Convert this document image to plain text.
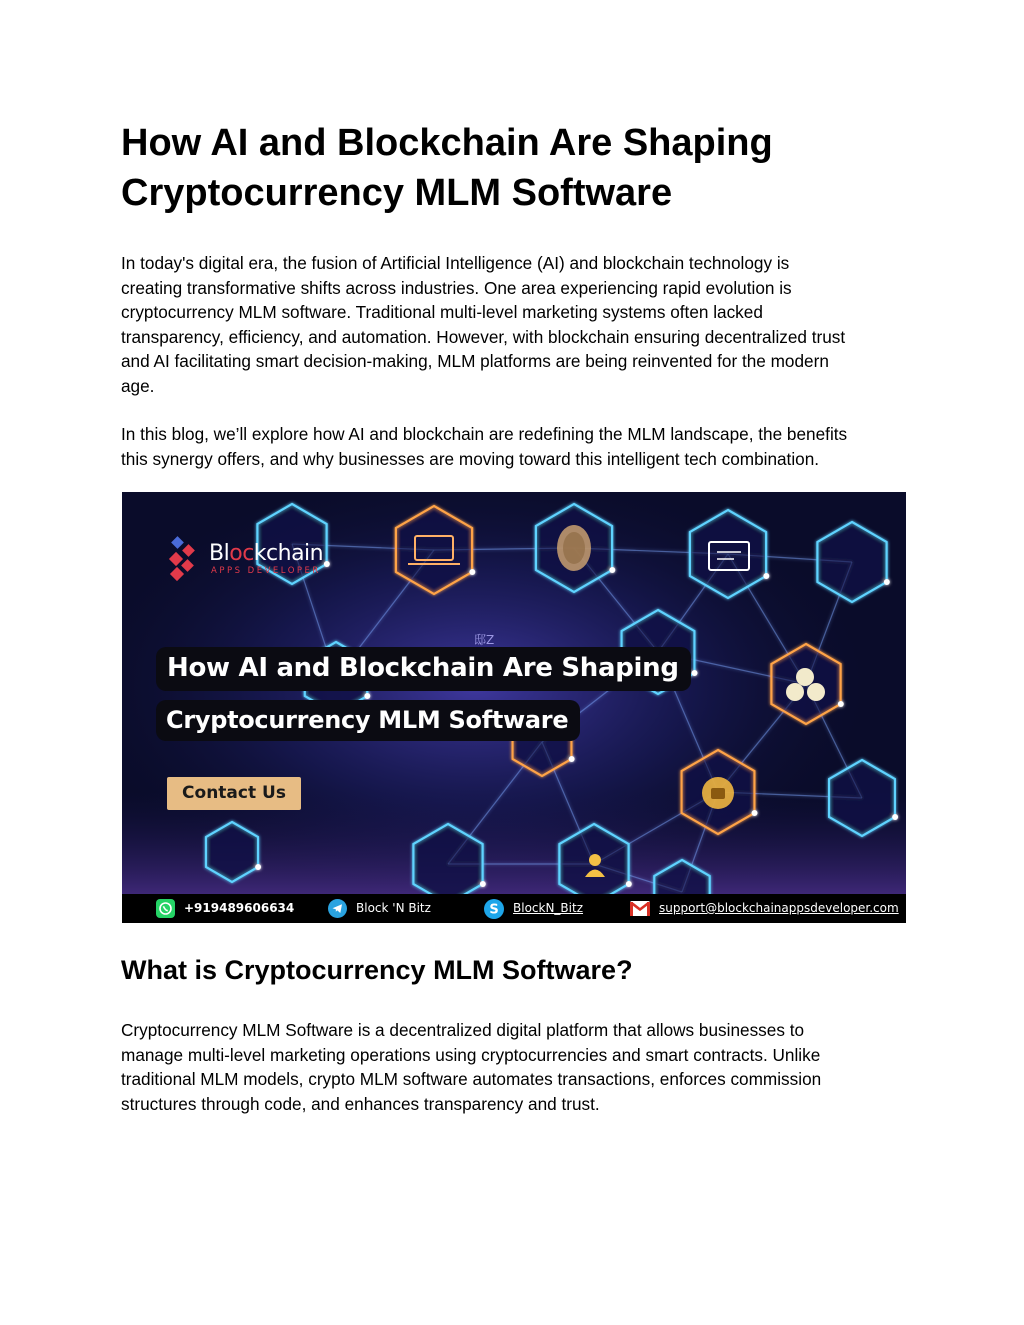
How AI and Blockchain Are Shaping
Cryptocurrency MLM Software

In today's digital era, the fusion of Artificial Intelligence (AI) and blockchain technology is
creating transformative shifts across industries. One area experiencing rapid evolution is
cryptocurrency MLM software. Traditional multi-level marketing systems often lacked
transparency, efficiency, and automation. However, with blockchain ensuring decentralized trust
and AI facilitating smart decision-making, MLM platforms are being reinvented for the modern
age.

In this blog, we’ll explore how AI and blockchain are redefining the MLM landscape, the benefits
this synergy offers, and why businesses are moving toward this intelligent tech combination.

邸Z
Blockchain
APPS DEVELOPER
How AI and Blockchain Are Shaping
Cryptocurrency MLM Software
Contact Us
+919489606634	Block 'N Bitz	S BlockN_Bitz	support@blockchainappsdeveloper.com
What is Cryptocurrency MLM Software?

Cryptocurrency MLM Software is a decentralized digital platform that allows businesses to
manage multi-level marketing operations using cryptocurrencies and smart contracts. Unlike
traditional MLM models, crypto MLM software automates transactions, enforces commission
structures through code, and enhances transparency and trust.
